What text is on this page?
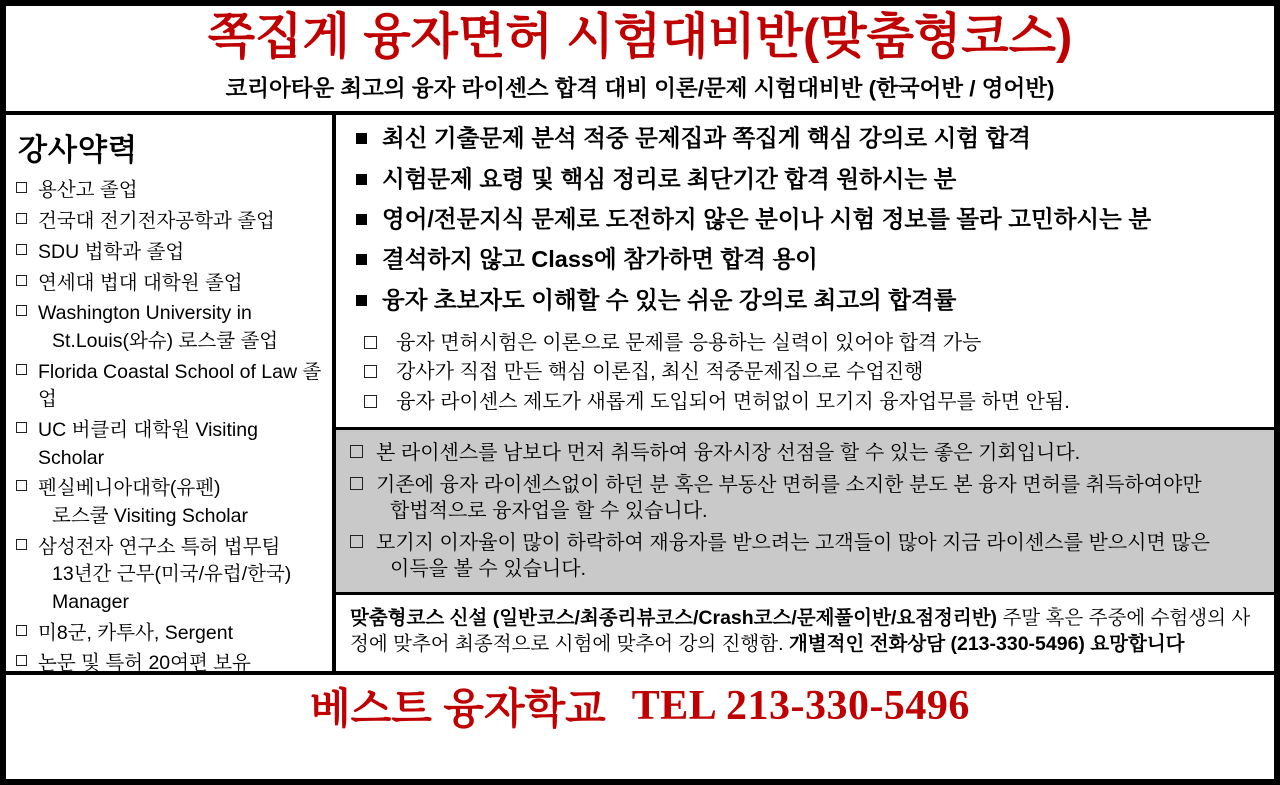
쪽집게 융자면허 시험대비반(맞춤형코스)
코리아타운 최고의 융자 라이센스 합격 대비 이론/문제 시험대비반 (한국어반 / 영어반)
강사약력
용산고 졸업
건국대 전기전자공학과 졸업
SDU 법학과 졸업
연세대 법대 대학원 졸업
Washington University in
St.Louis(와슈) 로스쿨 졸업
Florida Coastal School of Law 졸업
UC 버클리 대학원 Visiting Scholar
펜실베니아대학(유펜)
로스쿨 Visiting Scholar
삼성전자 연구소 특허 법무팀
13년간 근무(미국/유럽/한국)
Manager
미8군, 카투사, Sergent
논문 및 특허 20여편 보유
최신 기출문제 분석 적중 문제집과 쪽집게 핵심 강의로 시험 합격
시험문제 요령 및 핵심 정리로 최단기간 합격 원하시는 분
영어/전문지식 문제로 도전하지 않은 분이나 시험 정보를 몰라 고민하시는 분
결석하지 않고 Class에 참가하면 합격 용이
융자 초보자도 이해할 수 있는 쉬운 강의로 최고의 합격률
융자 면허시험은 이론으로 문제를 응용하는 실력이 있어야 합격 가능
강사가 직접 만든 핵심 이론집, 최신 적중문제집으로 수업진행
융자 라이센스 제도가 새롭게 도입되어 면허없이 모기지 융자업무를 하면 안됨.
본 라이센스를 남보다 먼저 취득하여 융자시장 선점을 할 수 있는 좋은 기회입니다.
기존에 융자 라이센스없이 하던 분 혹은 부동산 면허를 소지한 분도 본 융자 면허를 취득하여야만
합법적으로 융자업을 할 수 있습니다.
모기지 이자율이 많이 하락하여 재융자를 받으려는 고객들이 많아 지금 라이센스를 받으시면 많은
이득을 볼 수 있습니다.
맞춤형코스 신설 (일반코스/최종리뷰코스/Crash코스/문제풀이반/요점정리반) 주말 혹은 주중에 수험생의 사정에 맞추어 최종적으로 시험에 맞추어 강의 진행함. 개별적인 전화상담 (213-330-5496) 요망합니다
베스트 융자학교 TEL 213-330-5496
